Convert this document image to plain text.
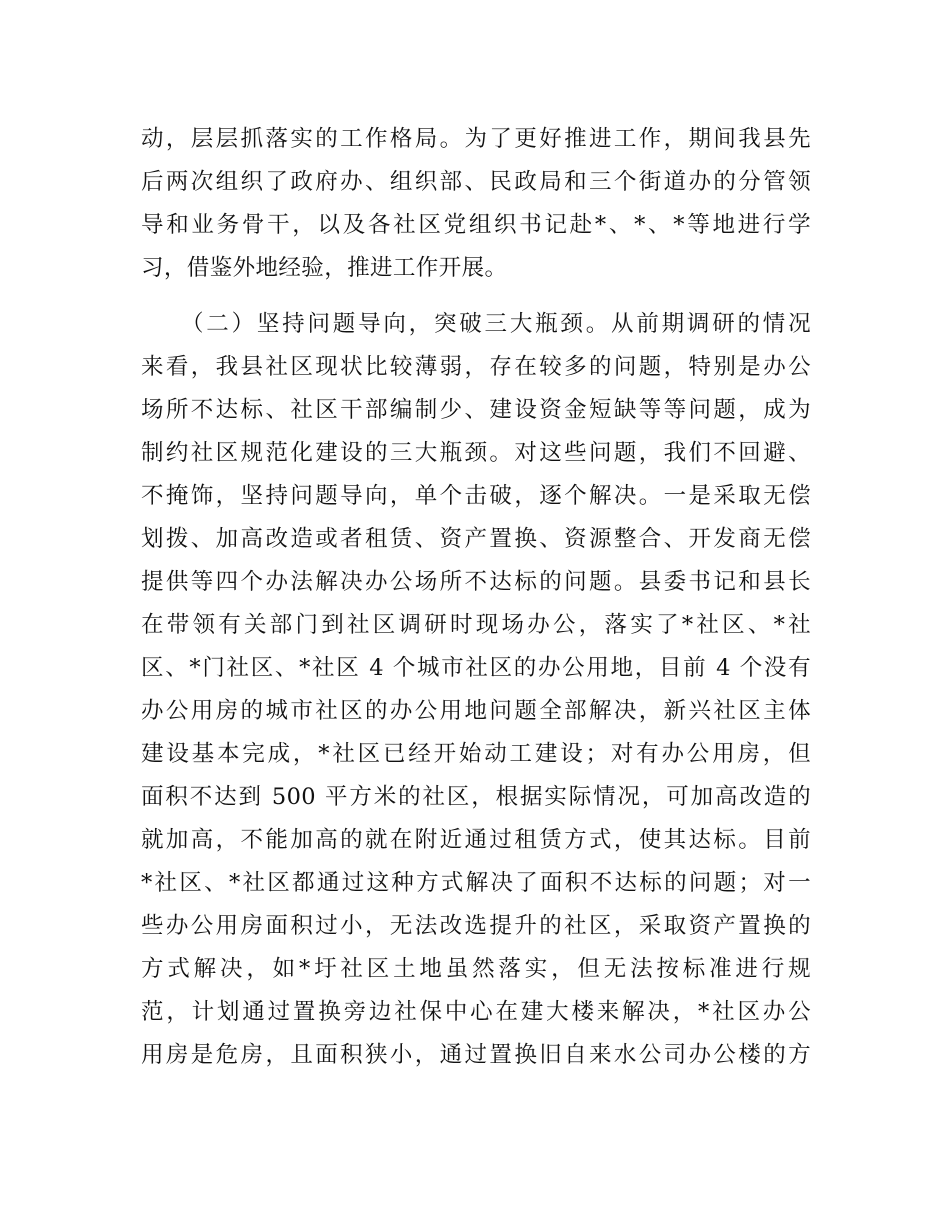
动，层层抓落实的工作格局。为了更好推进工作，期间我县先
后两次组织了政府办、组织部、民政局和三个街道办的分管领
导和业务骨干，以及各社区党组织书记赴*、*、*等地进行学
习，借鉴外地经验，推进工作开展。
（二）坚持问题导向，突破三大瓶颈。从前期调研的情况
来看，我县社区现状比较薄弱，存在较多的问题，特别是办公
场所不达标、社区干部编制少、建设资金短缺等等问题，成为
制约社区规范化建设的三大瓶颈。对这些问题，我们不回避、
不掩饰，坚持问题导向，单个击破，逐个解决。一是采取无偿
划拨、加高改造或者租赁、资产置换、资源整合、开发商无偿
提供等四个办法解决办公场所不达标的问题。县委书记和县长
在带领有关部门到社区调研时现场办公，落实了*社区、*社
区、*门社区、*社区 4 个城市社区的办公用地，目前 4 个没有
办公用房的城市社区的办公用地问题全部解决，新兴社区主体
建设基本完成，*社区已经开始动工建设；对有办公用房，但
面积不达到 500 平方米的社区，根据实际情况，可加高改造的
就加高，不能加高的就在附近通过租赁方式，使其达标。目前
*社区、*社区都通过这种方式解决了面积不达标的问题；对一
些办公用房面积过小，无法改选提升的社区，采取资产置换的
方式解决，如*圩社区土地虽然落实，但无法按标准进行规
范，计划通过置换旁边社保中心在建大楼来解决，*社区办公
用房是危房，且面积狭小，通过置换旧自来水公司办公楼的方
